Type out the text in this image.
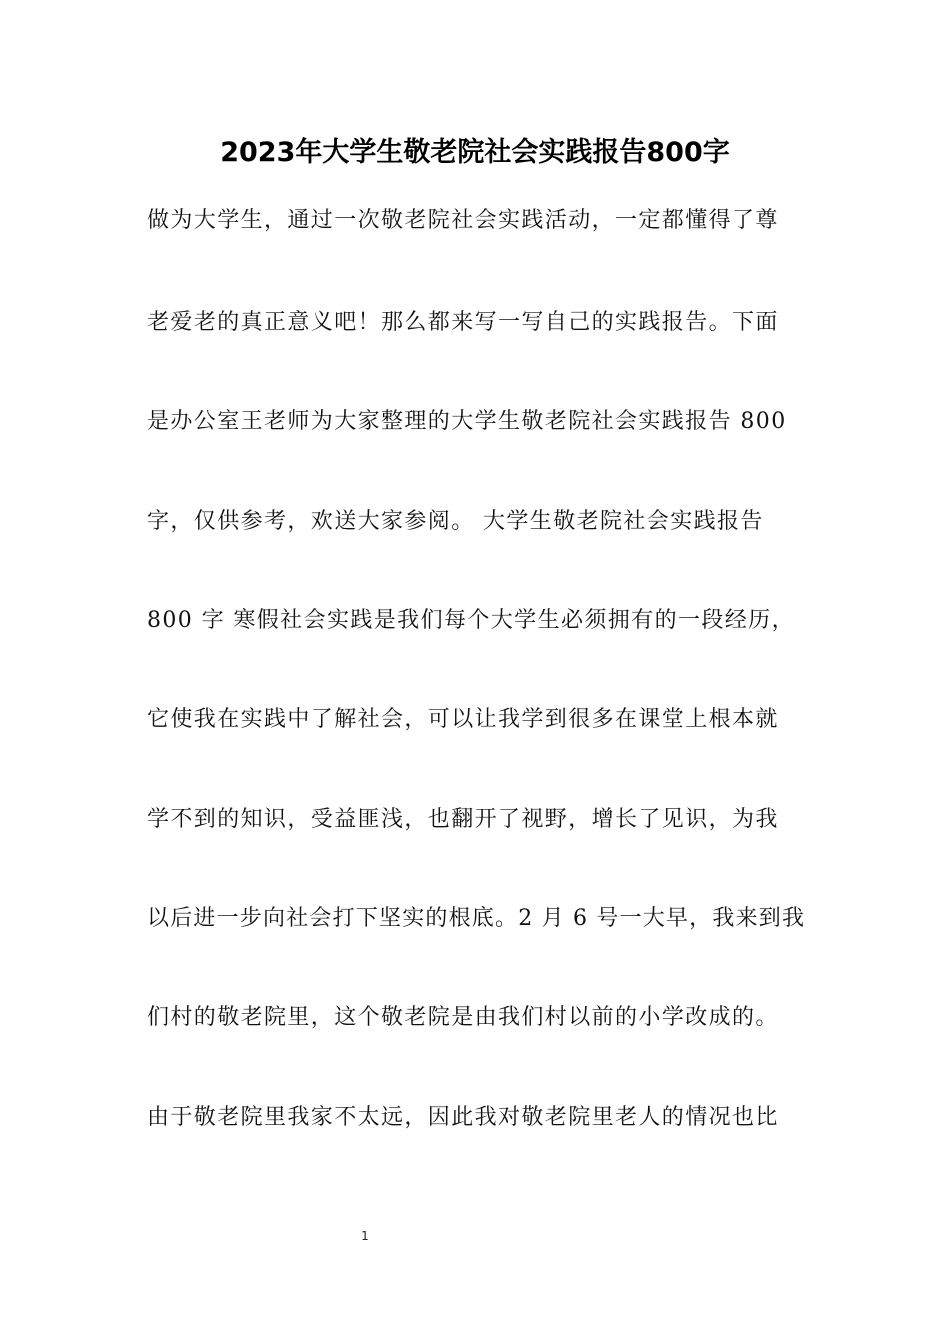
2023年大学生敬老院社会实践报告800字

做为大学生，通过一次敬老院社会实践活动，一定都懂得了尊

老爱老的真正意义吧！那么都来写一写自己的实践报告。下面

是办公室王老师为大家整理的大学生敬老院社会实践报告 800

字，仅供参考，欢送大家参阅。 大学生敬老院社会实践报告

800 字 寒假社会实践是我们每个大学生必须拥有的一段经历，

它使我在实践中了解社会，可以让我学到很多在课堂上根本就

学不到的知识，受益匪浅，也翻开了视野，增长了见识，为我

以后进一步向社会打下坚实的根底。2 月 6 号一大早，我来到我

们村的敬老院里，这个敬老院是由我们村以前的小学改成的。

由于敬老院里我家不太远，因此我对敬老院里老人的情况也比

1
